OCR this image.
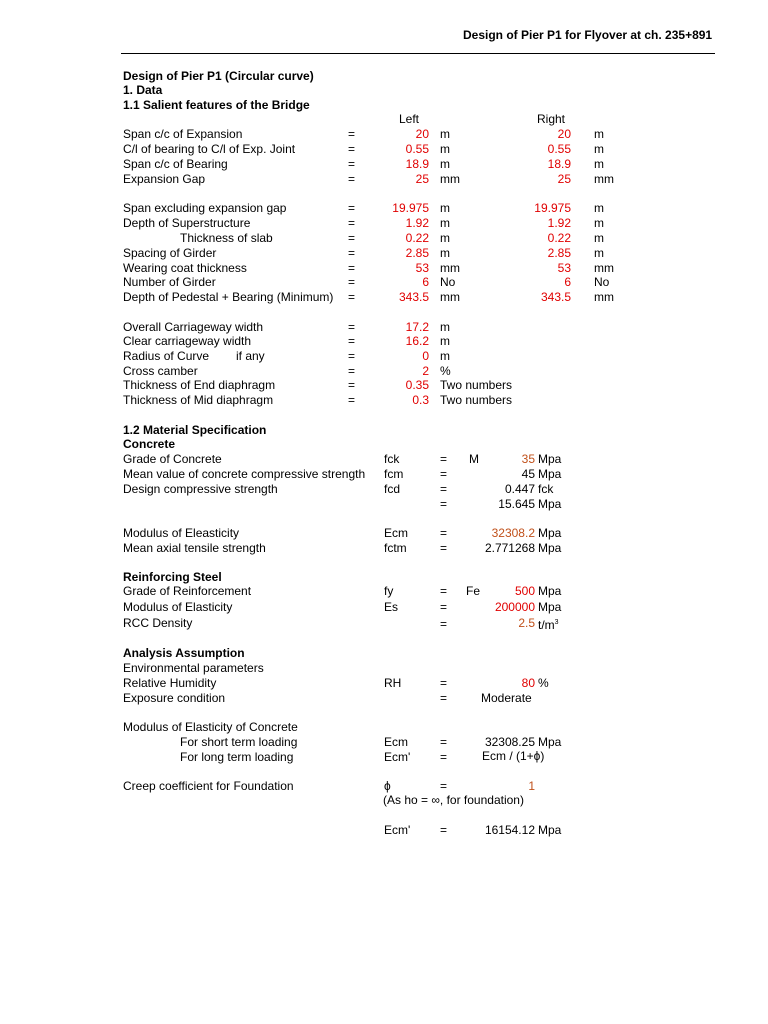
Design of Pier P1 for Flyover at ch. 235+891
Design of Pier P1 (Circular curve)
1. Data
1.1 Salient features of the Bridge
Left	Right
Span c/c of Expansion	=	20 m	20 m
C/l of bearing to C/l of Exp. Joint	=	0.55 m	0.55 m
Span c/c of Bearing	=	18.9 m	18.9 m
Expansion Gap	=	25 mm	25 mm
Span excluding expansion gap	=	19.975 m	19.975 m
Depth of Superstructure	=	1.92 m	1.92 m
Thickness of slab	=	0.22 m	0.22 m
Spacing of Girder	=	2.85 m	2.85 m
Wearing coat thickness	=	53 mm	53 mm
Number of Girder	=	6 No	6 No
Depth of Pedestal + Bearing (Minimum) =	343.5 mm	343.5 mm
Overall Carriageway width	=	17.2 m
Clear carriageway width	=	16.2 m
Radius of Curve if any	=	0 m
Cross camber	=	2 %
Thickness of End diaphragm	=	0.35 Two numbers
Thickness of Mid diaphragm	=	0.3 Two numbers
1.2 Material Specification
Concrete
Grade of Concrete	fck	= M	35 Mpa
Mean value of concrete compressive strength fcm	=	45 Mpa
Design compressive strength	fcd	=	0.447 fck
=	15.645 Mpa
Modulus of Eleasticity	Ecm	=	32308.2 Mpa
Mean axial tensile strength	fctm	=	2.771268 Mpa
Reinforcing Steel
Grade of Reinforcement	fy	= Fe	500 Mpa
Modulus of Elasticity	Es	=	200000 Mpa
RCC Density	=	2.5 $t/m^3$
Analysis Assumption
Environmental parameters
Relative Humidity	RH	=	80 %
Exposure condition	=	Moderate
Modulus of Elasticity of Concrete
For short term loading	Ecm	=	32308.25 Mpa
For long term loading	Ecm' =	Ecm / (1+ϕ)
Creep coefficient for Foundation	ϕ	=	1
(As ho = ∞, for foundation)
Ecm' =	16154.12 Mpa
